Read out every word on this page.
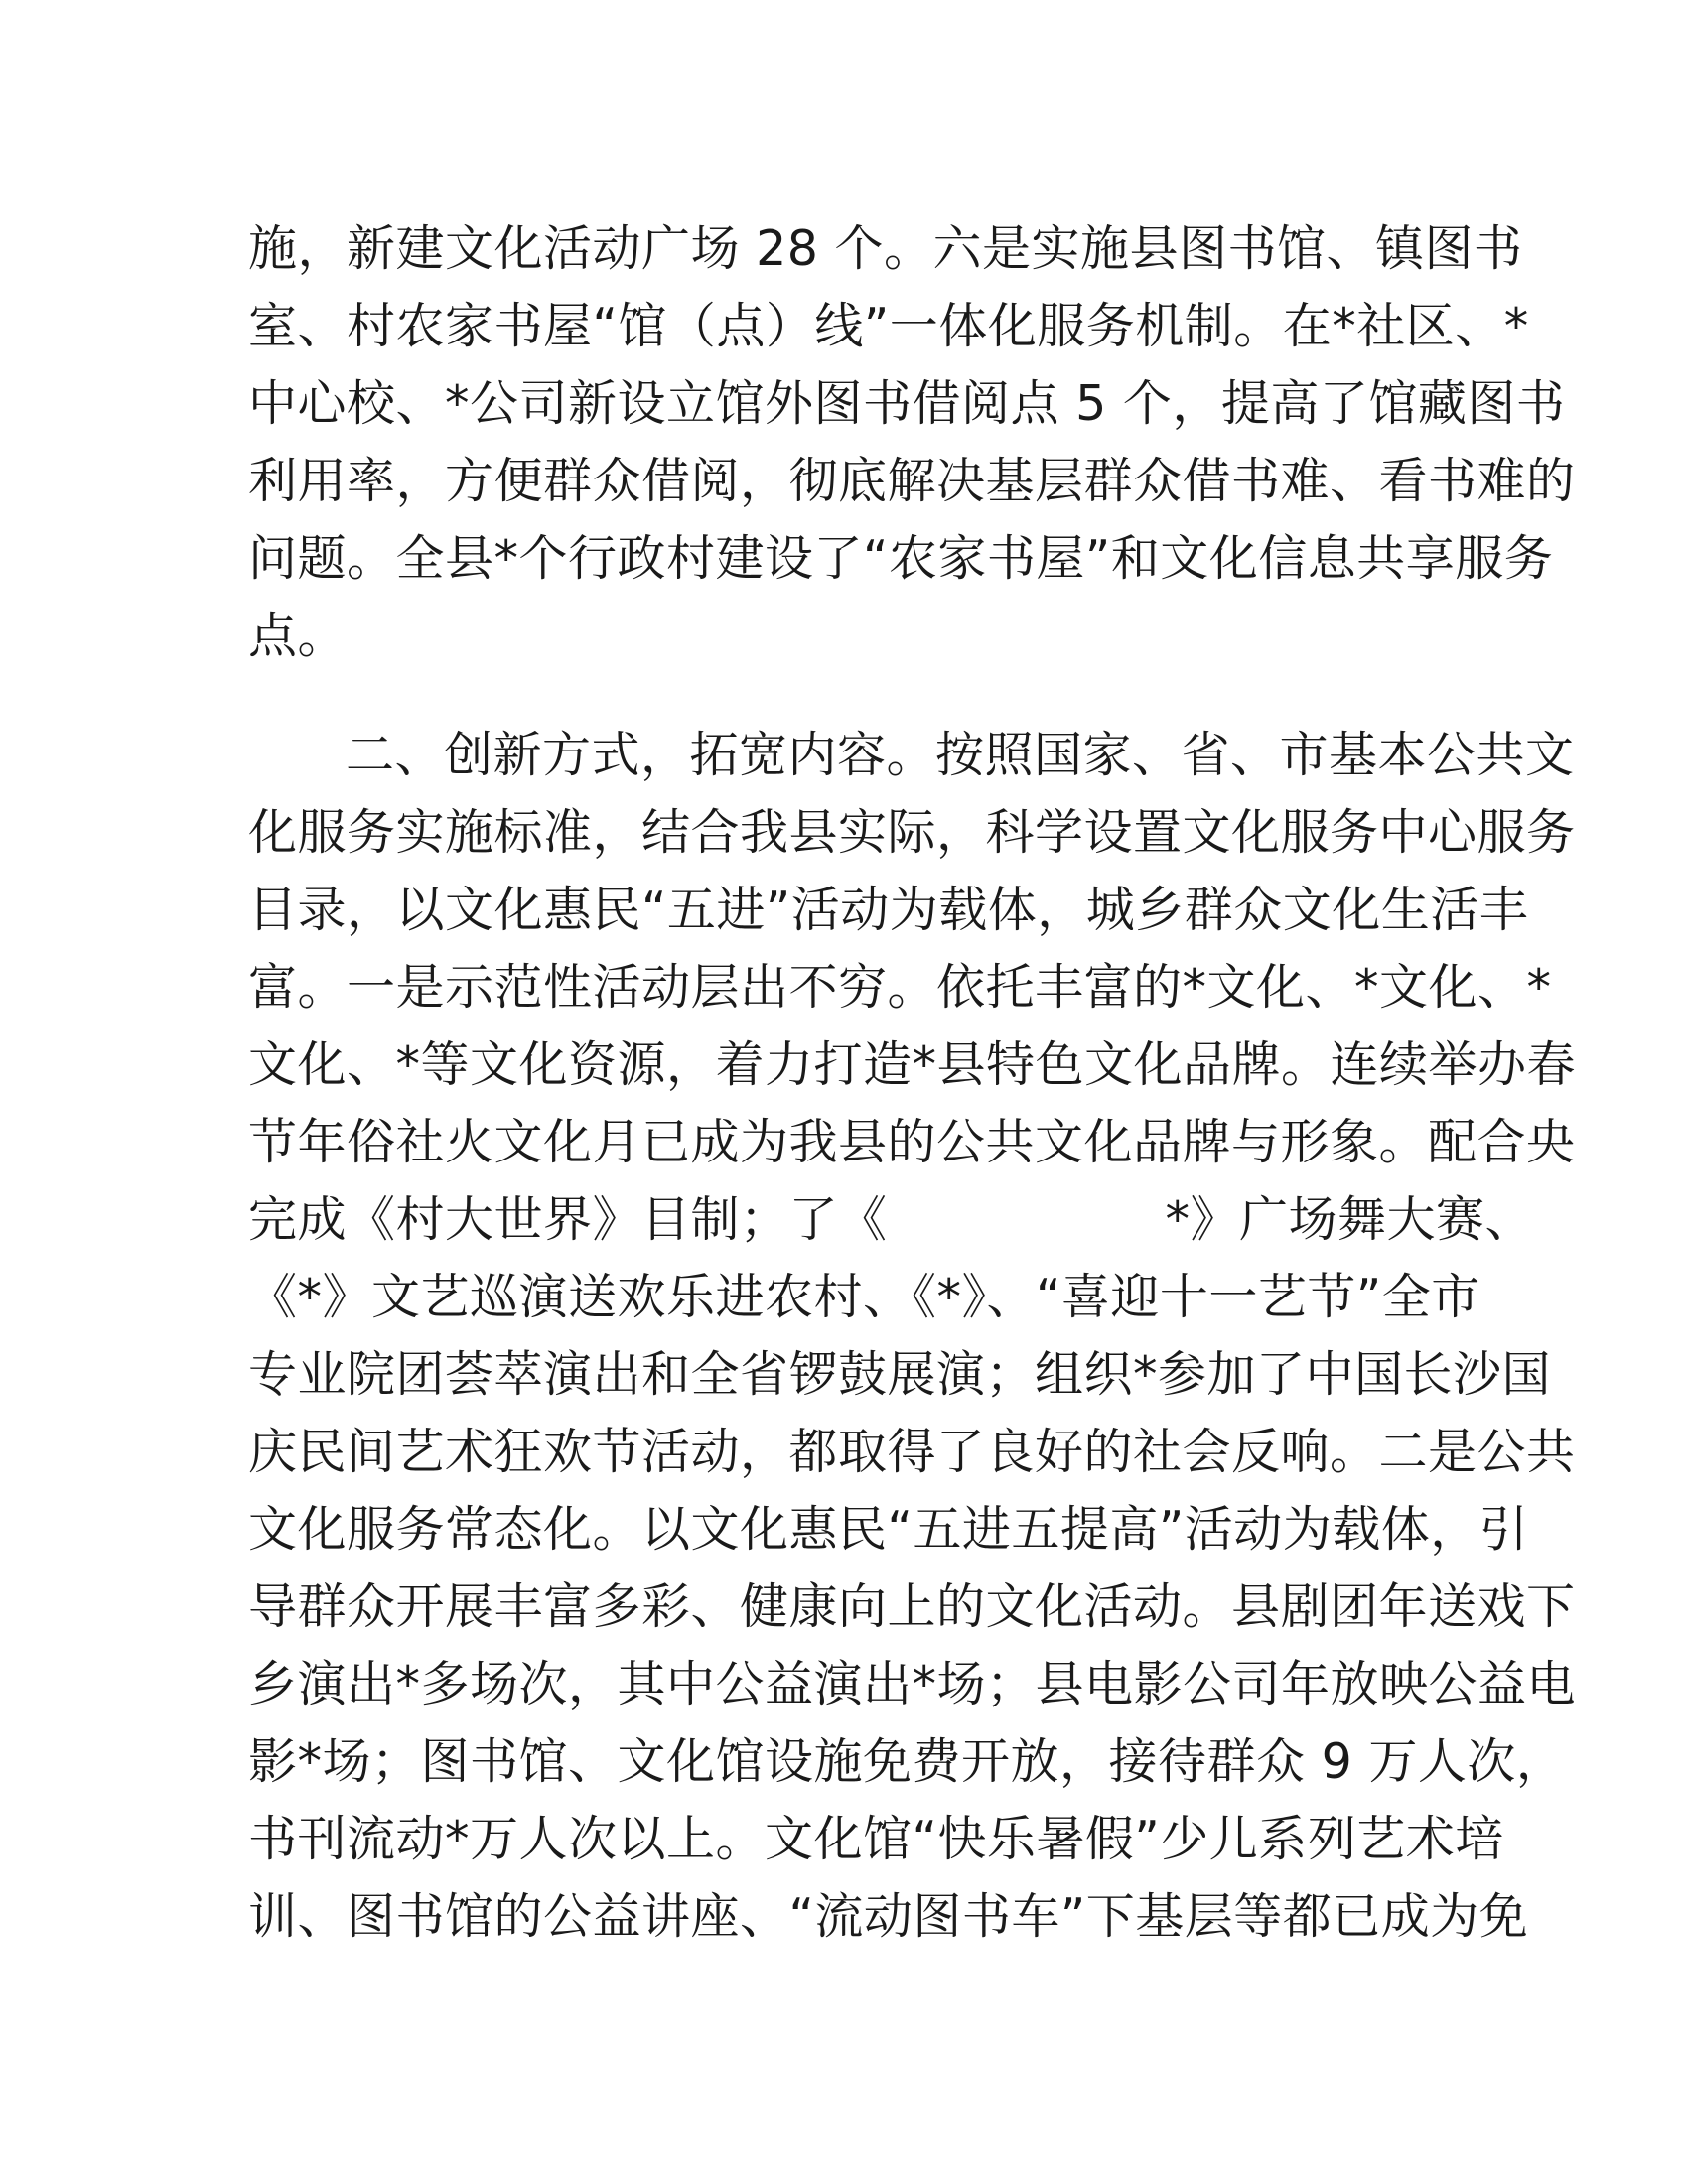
施，新建文化活动广场 28 个。六是实施县图书馆、镇图书
室、村农家书屋“馆（点）线”一体化服务机制。在*社区、*
中心校、*公司新设立馆外图书借阅点 5 个，提高了馆藏图书
利用率，方便群众借阅，彻底解决基层群众借书难、看书难的
问题。全县*个行政村建设了“农家书屋”和文化信息共享服务
点。
二、创新方式，拓宽内容。按照国家、省、市基本公共文
化服务实施标准，结合我县实际，科学设置文化服务中心服务
目录，以文化惠民“五进”活动为载体，城乡群众文化生活丰
富。一是示范性活动层出不穷。依托丰富的*文化、*文化、*
文化、*等文化资源，着力打造*县特色文化品牌。连续举办春
节年俗社火文化月已成为我县的公共文化品牌与形象。配合央
完成《村大世界》目制；了《	*》广场舞大赛、
《*》文艺巡演送欢乐进农村、《*》、“喜迎十一艺节”全市
专业院团荟萃演出和全省锣鼓展演；组织*参加了中国长沙国
庆民间艺术狂欢节活动，都取得了良好的社会反响。二是公共
文化服务常态化。以文化惠民“五进五提高”活动为载体，引
导群众开展丰富多彩、健康向上的文化活动。县剧团年送戏下
乡演出*多场次，其中公益演出*场；县电影公司年放映公益电
影*场；图书馆、文化馆设施免费开放，接待群众 9 万人次，
书刊流动*万人次以上。文化馆“快乐暑假”少儿系列艺术培
训、图书馆的公益讲座、“流动图书车”下基层等都已成为免
